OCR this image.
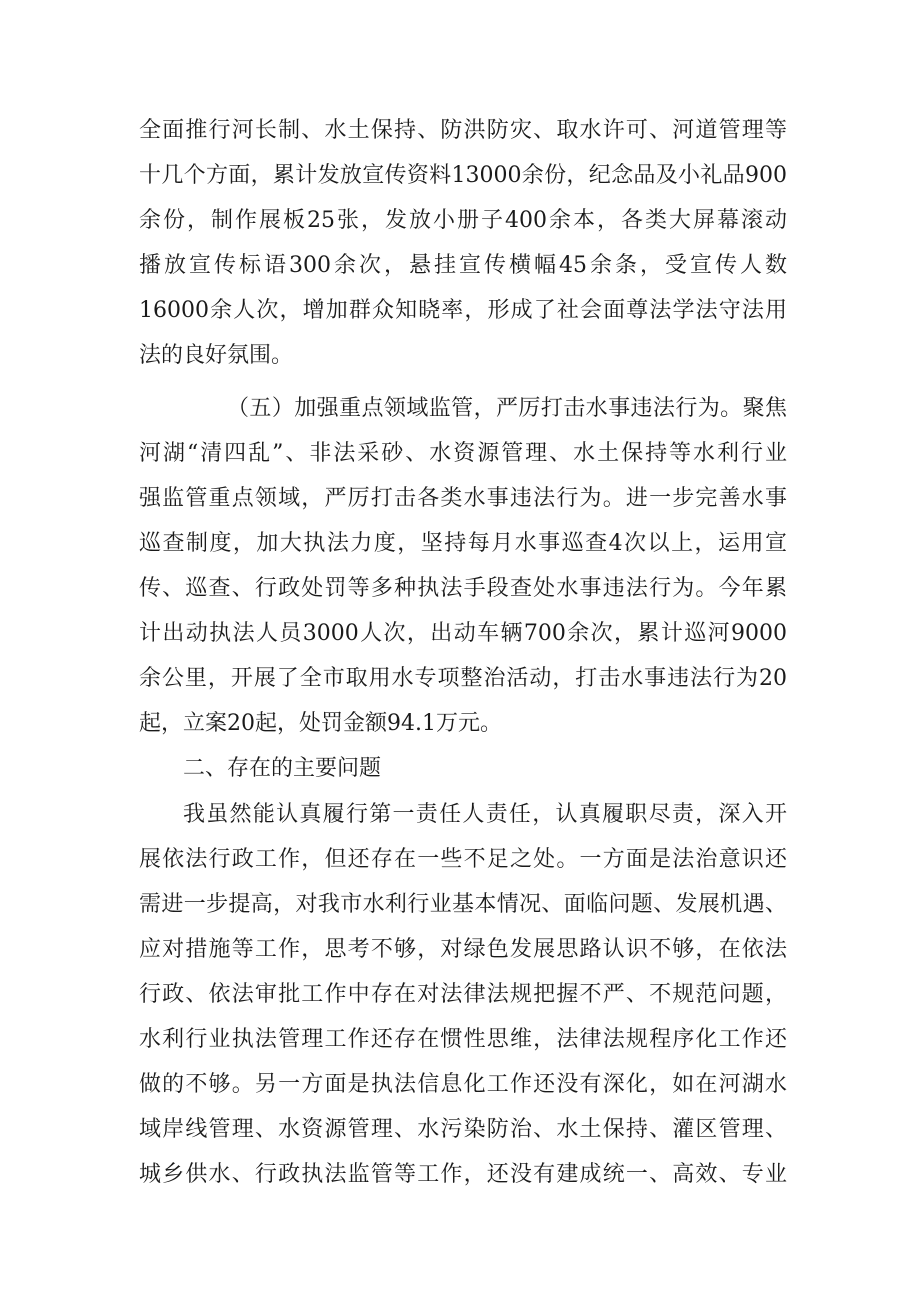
全面推行河长制、水土保持、防洪防灾、取水许可、河道管理等
十几个方面，累计发放宣传资料13000余份，纪念品及小礼品900
余份，制作展板25张，发放小册子400余本，各类大屏幕滚动
播放宣传标语300余次，悬挂宣传横幅45余条，受宣传人数
16000余人次，增加群众知晓率，形成了社会面尊法学法守法用
法的良好氛围。
（五）加强重点领域监管，严厉打击水事违法行为。聚焦
河湖“清四乱”、非法采砂、水资源管理、水土保持等水利行业
强监管重点领域，严厉打击各类水事违法行为。进一步完善水事
巡查制度，加大执法力度，坚持每月水事巡查4次以上，运用宣
传、巡查、行政处罚等多种执法手段查处水事违法行为。今年累
计出动执法人员3000人次，出动车辆700余次，累计巡河9000
余公里，开展了全市取用水专项整治活动，打击水事违法行为20
起，立案20起，处罚金额94.1万元。
二、存在的主要问题
我虽然能认真履行第一责任人责任，认真履职尽责，深入开
展依法行政工作，但还存在一些不足之处。一方面是法治意识还
需进一步提高，对我市水利行业基本情况、面临问题、发展机遇、
应对措施等工作，思考不够，对绿色发展思路认识不够，在依法
行政、依法审批工作中存在对法律法规把握不严、不规范问题，
水利行业执法管理工作还存在惯性思维，法律法规程序化工作还
做的不够。另一方面是执法信息化工作还没有深化，如在河湖水
域岸线管理、水资源管理、水污染防治、水土保持、灌区管理、
城乡供水、行政执法监管等工作，还没有建成统一、高效、专业
